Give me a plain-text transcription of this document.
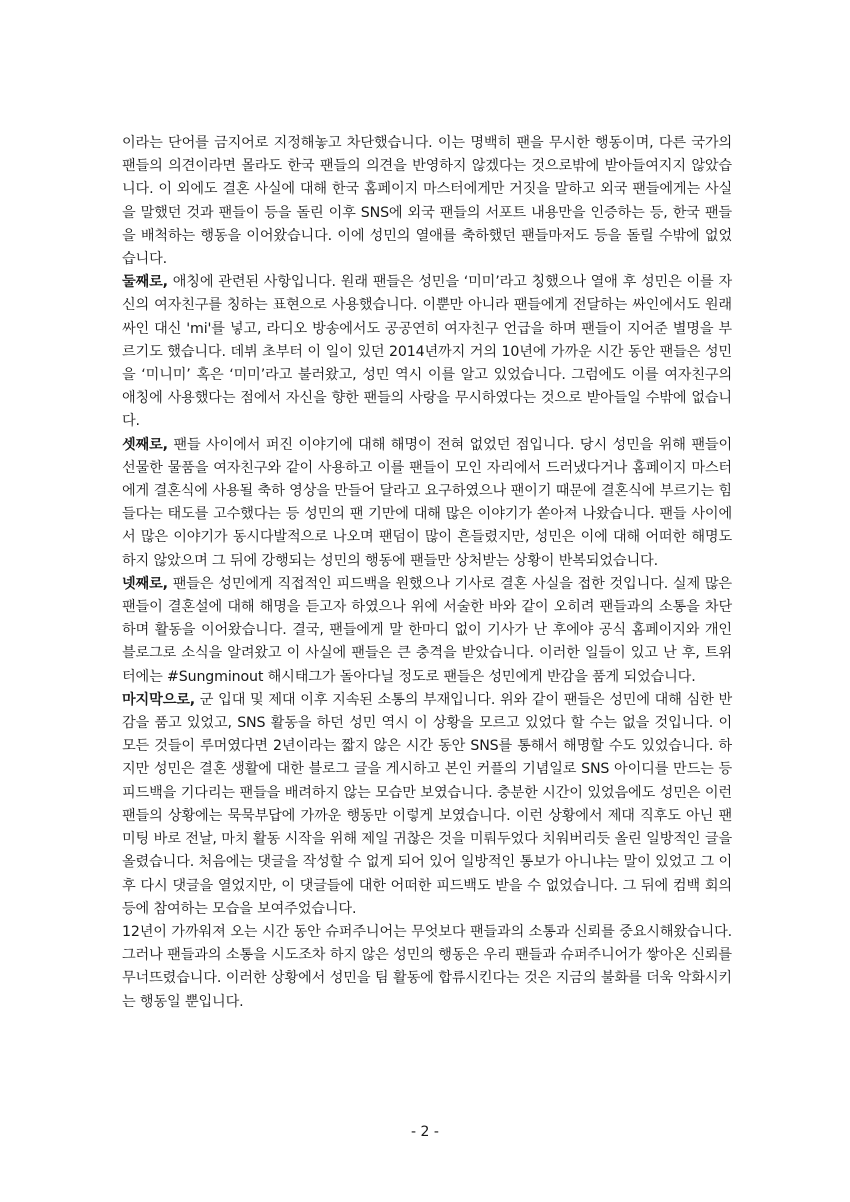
이라는 단어를 금지어로 지정해놓고 차단했습니다. 이는 명백히 팬을 무시한 행동이며, 다른 국가의 팬들의 의견이라면 몰라도 한국 팬들의 의견을 반영하지 않겠다는 것으로밖에 받아들여지지 않았습니다. 이 외에도 결혼 사실에 대해 한국 홈페이지 마스터에게만 거짓을 말하고 외국 팬들에게는 사실을 말했던 것과 팬들이 등을 돌린 이후 SNS에 외국 팬들의 서포트 내용만을 인증하는 등, 한국 팬들을 배척하는 행동을 이어왔습니다. 이에 성민의 열애를 축하했던 팬들마저도 등을 돌릴 수밖에 없었습니다.

둘째로, 애칭에 관련된 사항입니다. 원래 팬들은 성민을 ‘미미’라고 칭했으나 열애 후 성민은 이를 자신의 여자친구를 칭하는 표현으로 사용했습니다. 이뿐만 아니라 팬들에게 전달하는 싸인에서도 원래 싸인 대신 'mi'를 넣고, 라디오 방송에서도 공공연히 여자친구 언급을 하며 팬들이 지어준 별명을 부르기도 했습니다. 데뷔 초부터 이 일이 있던 2014년까지 거의 10년에 가까운 시간 동안 팬들은 성민을 ‘미니미’ 혹은 ‘미미’라고 불러왔고, 성민 역시 이를 알고 있었습니다. 그럼에도 이를 여자친구의 애칭에 사용했다는 점에서 자신을 향한 팬들의 사랑을 무시하였다는 것으로 받아들일 수밖에 없습니다.

셋째로, 팬들 사이에서 퍼진 이야기에 대해 해명이 전혀 없었던 점입니다. 당시 성민을 위해 팬들이 선물한 물품을 여자친구와 같이 사용하고 이를 팬들이 모인 자리에서 드러냈다거나 홈페이지 마스터에게 결혼식에 사용될 축하 영상을 만들어 달라고 요구하였으나 팬이기 때문에 결혼식에 부르기는 힘들다는 태도를 고수했다는 등 성민의 팬 기만에 대해 많은 이야기가 쏟아져 나왔습니다. 팬들 사이에서 많은 이야기가 동시다발적으로 나오며 팬덤이 많이 흔들렸지만, 성민은 이에 대해 어떠한 해명도 하지 않았으며 그 뒤에 강행되는 성민의 행동에 팬들만 상처받는 상황이 반복되었습니다.

넷째로, 팬들은 성민에게 직접적인 피드백을 원했으나 기사로 결혼 사실을 접한 것입니다. 실제 많은 팬들이 결혼설에 대해 해명을 듣고자 하였으나 위에 서술한 바와 같이 오히려 팬들과의 소통을 차단하며 활동을 이어왔습니다. 결국, 팬들에게 말 한마디 없이 기사가 난 후에야 공식 홈페이지와 개인 블로그로 소식을 알려왔고 이 사실에 팬들은 큰 충격을 받았습니다. 이러한 일들이 있고 난 후, 트위터에는 #Sungminout 해시태그가 돌아다닐 정도로 팬들은 성민에게 반감을 품게 되었습니다.

마지막으로, 군 입대 및 제대 이후 지속된 소통의 부재입니다. 위와 같이 팬들은 성민에 대해 심한 반감을 품고 있었고, SNS 활동을 하던 성민 역시 이 상황을 모르고 있었다 할 수는 없을 것입니다. 이 모든 것들이 루머였다면 2년이라는 짧지 않은 시간 동안 SNS를 통해서 해명할 수도 있었습니다. 하지만 성민은 결혼 생활에 대한 블로그 글을 게시하고 본인 커플의 기념일로 SNS 아이디를 만드는 등 피드백을 기다리는 팬들을 배려하지 않는 모습만 보였습니다. 충분한 시간이 있었음에도 성민은 이런 팬들의 상황에는 묵묵부답에 가까운 행동만 이렇게 보였습니다. 이런 상황에서 제대 직후도 아닌 팬미팅 바로 전날, 마치 활동 시작을 위해 제일 귀찮은 것을 미뤄두었다 치워버리듯 올린 일방적인 글을 올렸습니다. 처음에는 댓글을 작성할 수 없게 되어 있어 일방적인 통보가 아니냐는 말이 있었고 그 이후 다시 댓글을 열었지만, 이 댓글들에 대한 어떠한 피드백도 받을 수 없었습니다. 그 뒤에 컴백 회의 등에 참여하는 모습을 보여주었습니다.

12년이 가까워져 오는 시간 동안 슈퍼주니어는 무엇보다 팬들과의 소통과 신뢰를 중요시해왔습니다. 그러나 팬들과의 소통을 시도조차 하지 않은 성민의 행동은 우리 팬들과 슈퍼주니어가 쌓아온 신뢰를 무너뜨렸습니다. 이러한 상황에서 성민을 팀 활동에 합류시킨다는 것은 지금의 불화를 더욱 악화시키는 행동일 뿐입니다.

- 2 -
